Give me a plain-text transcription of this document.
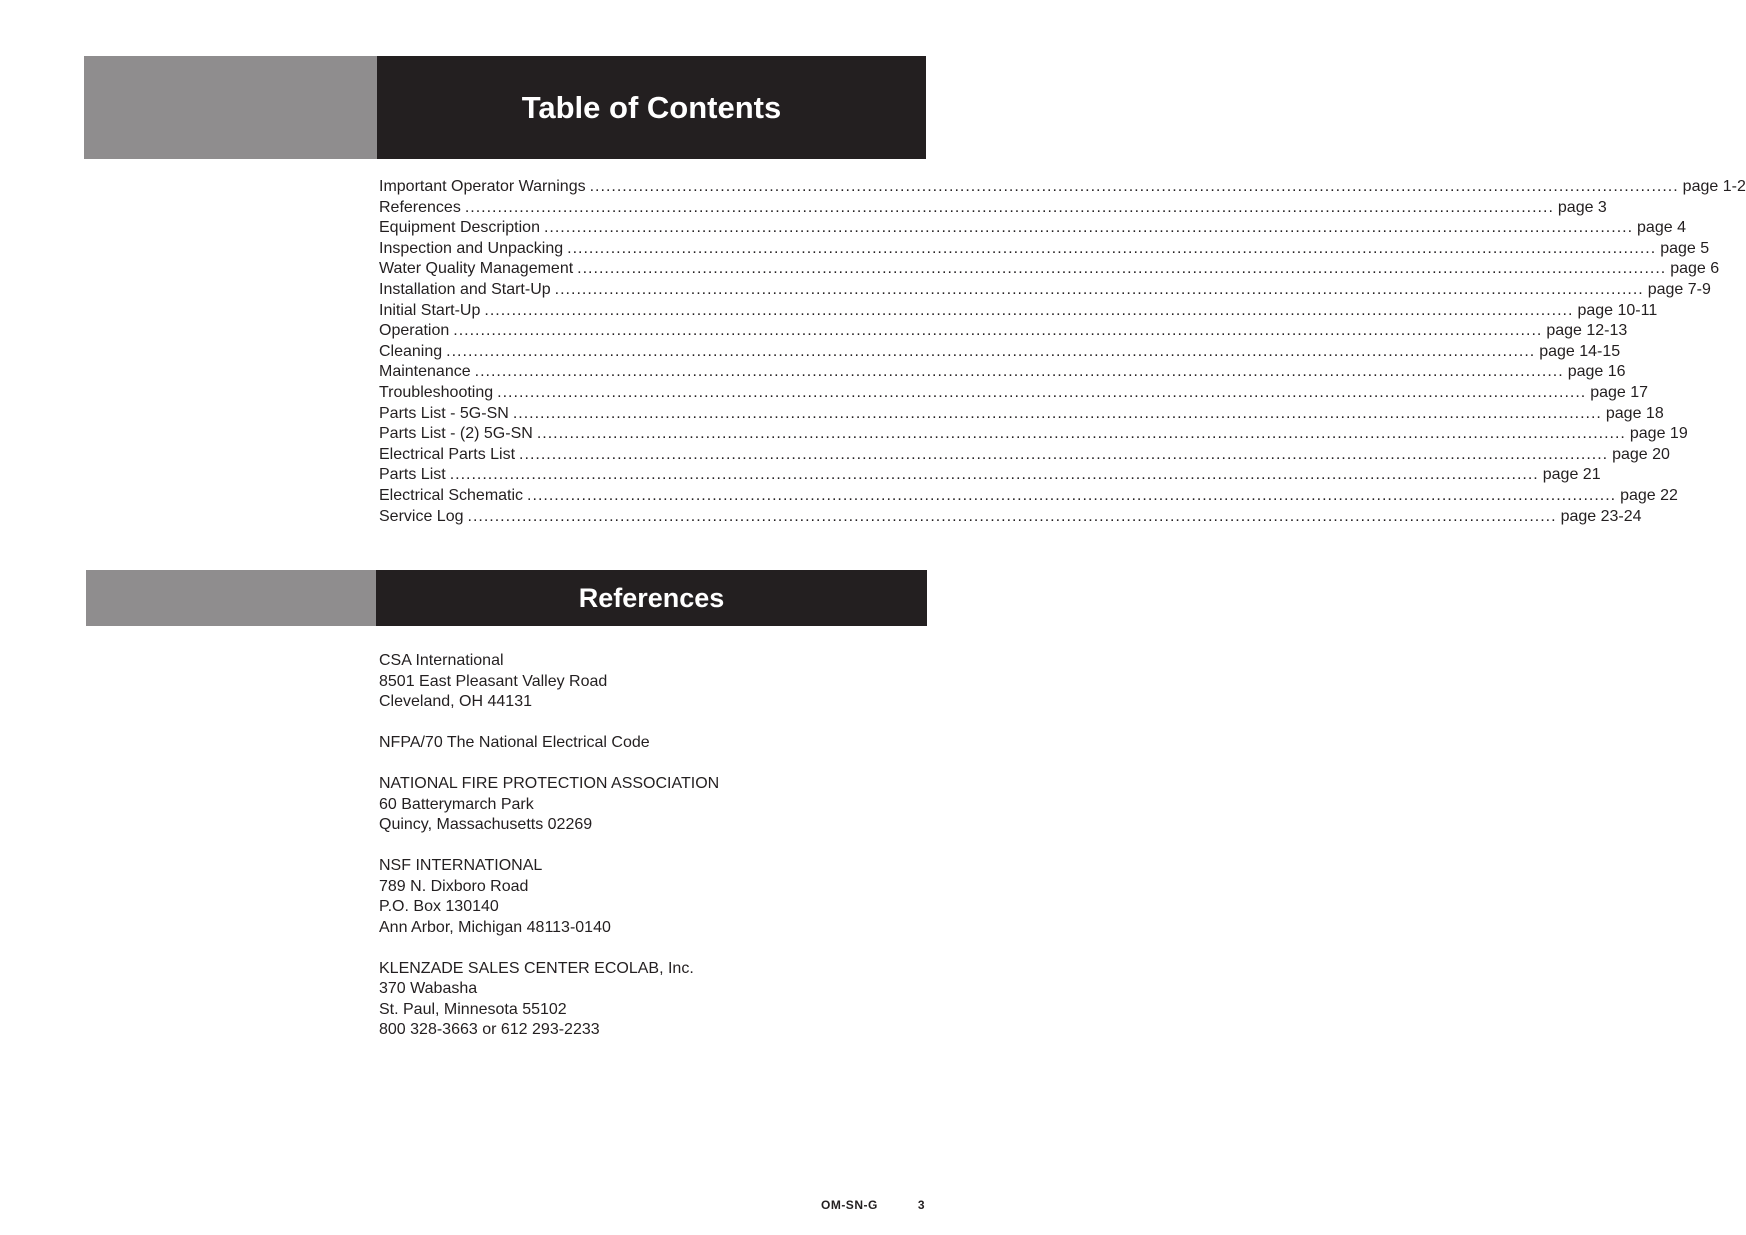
Table of Contents
Important Operator Warnings ........................................................................................................................................................................................................ page 1-2
References ........................................................................................................................................................................................................ page 3
Equipment Description ........................................................................................................................................................................................................ page 4
Inspection and Unpacking ........................................................................................................................................................................................................ page 5
Water Quality Management ........................................................................................................................................................................................................ page 6
Installation and Start-Up ........................................................................................................................................................................................................ page 7-9
Initial Start-Up ........................................................................................................................................................................................................ page 10-11
Operation ........................................................................................................................................................................................................ page 12-13
Cleaning ........................................................................................................................................................................................................ page 14-15
Maintenance ........................................................................................................................................................................................................ page 16
Troubleshooting ........................................................................................................................................................................................................ page 17
Parts List - 5G-SN ........................................................................................................................................................................................................ page 18
Parts List - (2) 5G-SN ........................................................................................................................................................................................................ page 19
Electrical Parts List ........................................................................................................................................................................................................ page 20
Parts List ........................................................................................................................................................................................................ page 21
Electrical Schematic ........................................................................................................................................................................................................ page 22
Service Log ........................................................................................................................................................................................................ page 23-24
References
CSA International
8501 East Pleasant Valley Road
Cleveland, OH 44131
NFPA/70 The National Electrical Code
NATIONAL FIRE PROTECTION ASSOCIATION
60 Batterymarch Park
Quincy, Massachusetts 02269
NSF INTERNATIONAL
789 N. Dixboro Road
P.O. Box 130140
Ann Arbor, Michigan 48113-0140
KLENZADE SALES CENTER ECOLAB, Inc.
370 Wabasha
St. Paul, Minnesota 55102
800 328-3663 or 612 293-2233
OM-SN-G	3
